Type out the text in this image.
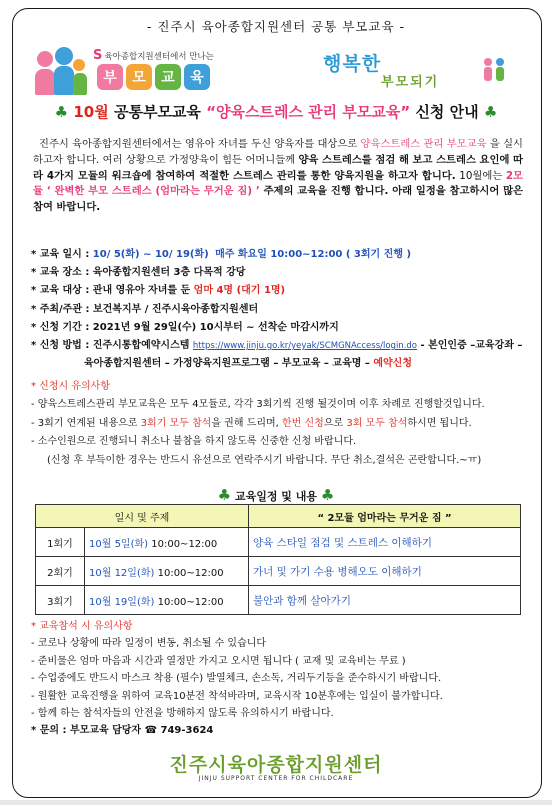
- 진주시 육아종합지원센터 공통 부모교육 -
S육아종합지원센터에서 만나는
부	모	교	육
행복한
부모되기
♣ 10월 공통부모교육 “양육스트레스 관리 부모교육” 신청 안내 ♣

진주시 육아종합지원센터에서는 영유아 자녀를 두신 양육자를 대상으로 양육스트레스 관리 부모교육 을 실시하고자 합니다. 여러 상황으로 가정양육이 힘든 어머니들께 양육 스트레스를 점검 해 보고 스트레스 요인에 따라 4가지 모듈의 워크숍에 참여하여 적절한 스트레스 관리를 통한 양육지원을 하고자 합니다. 10월에는 2모듈 ‘ 완벽한 부모 스트레스 (엄마라는 무거운 짐) ’ 주제의 교육을 진행 합니다. 아래 일정을 참고하시어 많은 참여 바랍니다.

* 교육 일시 : 10/ 5(화) ~ 10/ 19(화) 매주 화요일 10:00~12:00 ( 3회기 진행 )
* 교육 장소 : 육아종합지원센터 3층 다목적 강당
* 교육 대상 : 관내 영유아 자녀를 둔 엄마 4명 (대기 1명)
* 주최/주관 : 보건복지부 / 진주시육아종합지원센터
* 신청 기간 : 2021년 9월 29일(수) 10시부터 ~ 선착순 마감시까지
* 신청 방법 : 진주시통합예약시스템 https://www.jinju.go.kr/yeyak/SCMGNAccess/login.do - 본인인증 –교육강좌 –
육아종합지원센터 – 가정양육지원프로그램 – 부모교육 – 교육명 – 예약신청
* 신청시 유의사항
- 양육스트레스관리 부모교육은 모두 4모듈로, 각각 3회기씩 진행 될것이며 이후 차례로 진행할것입니다.
- 3회기 연계된 내용으로 3회기 모두 참석을 권해 드리며, 한번 신청으로 3회 모두 참석하시면 됩니다.
- 소수인원으로 진행되니 취소나 불참을 하지 않도록 신중한 신청 바랍니다.
(신청 후 부득이한 경우는 반드시 유선으로 연락주시기 바랍니다. 무단 취소,결석은 곤란합니다.~ㅠ)
♣ 교육일정 및 내용 ♣
일시 및 주제		“ 2모듈 엄마라는 무거운 짐 ”
1회기	10월 5일(화) 10:00~12:00	양육 스타일 점검 및 스트레스 이해하기
2회기	10월 12일(화) 10:00~12:00	가너 및 가기 수용 병해오도 이해하기
3회기	10월 19일(화) 10:00~12:00	불안과 함께 살아가기
* 교육참석 시 유의사항
- 코로나 상황에 따라 일정이 변동, 취소될 수 있습니다
- 준비물은 엄마 마음과 시간과 열정만 가지고 오시면 됩니다 ( 교재 및 교육비는 무료 )
- 수업중에도 반드시 마스크 착용 (필수) 발열체크, 손소독, 거리두기등을 준수하시기 바랍니다.
- 원활한 교육진행을 위하여 교육10분전 착석바라며, 교육시작 10분후에는 입실이 불가합니다.
- 함께 하는 참석자들의 안전을 방해하지 않도록 유의하시기 바랍니다.
* 문의 : 부모교육 담당자 ☎ 749-3624
진주시육아종합지원센터
JINJU SUPPORT CENTER FOR CHILDCARE
